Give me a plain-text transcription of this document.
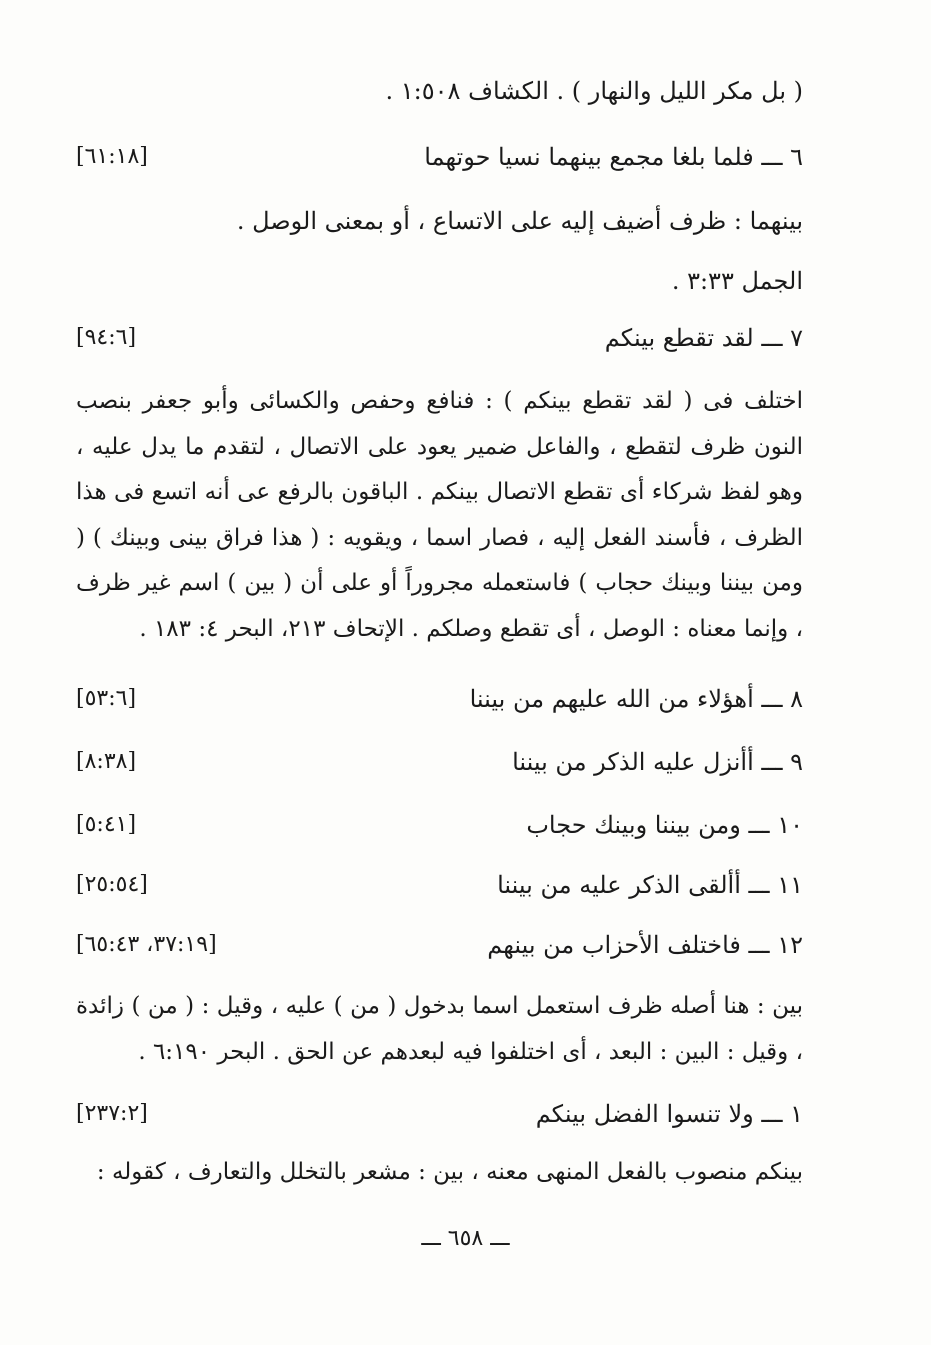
( بل مكر الليل والنهار ) . الكشاف ١:٥٠٨ .
٦ ـــ فلما بلغا مجمع بينهما نسيا حوتهما
[٦١:١٨]
بينهما : ظرف أضيف إليه على الاتساع ، أو بمعنى الوصل .
الجمل ٣:٣٣ .
٧ ـــ لقد تقطع بينكم
[٩٤:٦]
اختلف فى ( لقد تقطع بينكم ) : فنافع وحفص والكسائى وأبو جعفر بنصب النون ظرف لتقطع ، والفاعل ضمير يعود على الاتصال ، لتقدم ما يدل عليه ، وهو لفظ شركاء أى تقطع الاتصال بينكم . الباقون بالرفع عى أنه اتسع فى هذا الظرف ، فأسند الفعل إليه ، فصار اسما ، ويقويه : ( هذا فراق بينى وبينك ) ( ومن بيننا وبينك حجاب ) فاستعمله مجروراً أو على أن ( بين ) اسم غير ظرف ، وإنما معناه : الوصل ، أى تقطع وصلكم . الإتحاف ٢١٣، البحر ٤: ١٨٣ .
٨ ـــ أهؤلاء من الله عليهم من بيننا
[٥٣:٦]
٩ ـــ أأنزل عليه الذكر من بيننا
[٨:٣٨]
١٠ ـــ ومن بيننا وبينك حجاب
[٥:٤١]
١١ ـــ أألقى الذكر عليه من بيننا
[٢٥:٥٤]
١٢ ـــ فاختلف الأحزاب من بينهم
[٣٧:١٩، ٦٥:٤٣]
بين : هنا أصله ظرف استعمل اسما بدخول ( من ) عليه ، وقيل : ( من ) زائدة ، وقيل : البين : البعد ، أى اختلفوا فيه لبعدهم عن الحق . البحر ٦:١٩٠ .
١ ـــ ولا تنسوا الفضل بينكم
[٢٣٧:٢]
بينكم منصوب بالفعل المنهى معنه ، بين : مشعر بالتخلل والتعارف ، كقوله :
ـــ ٦٥٨ ـــ
